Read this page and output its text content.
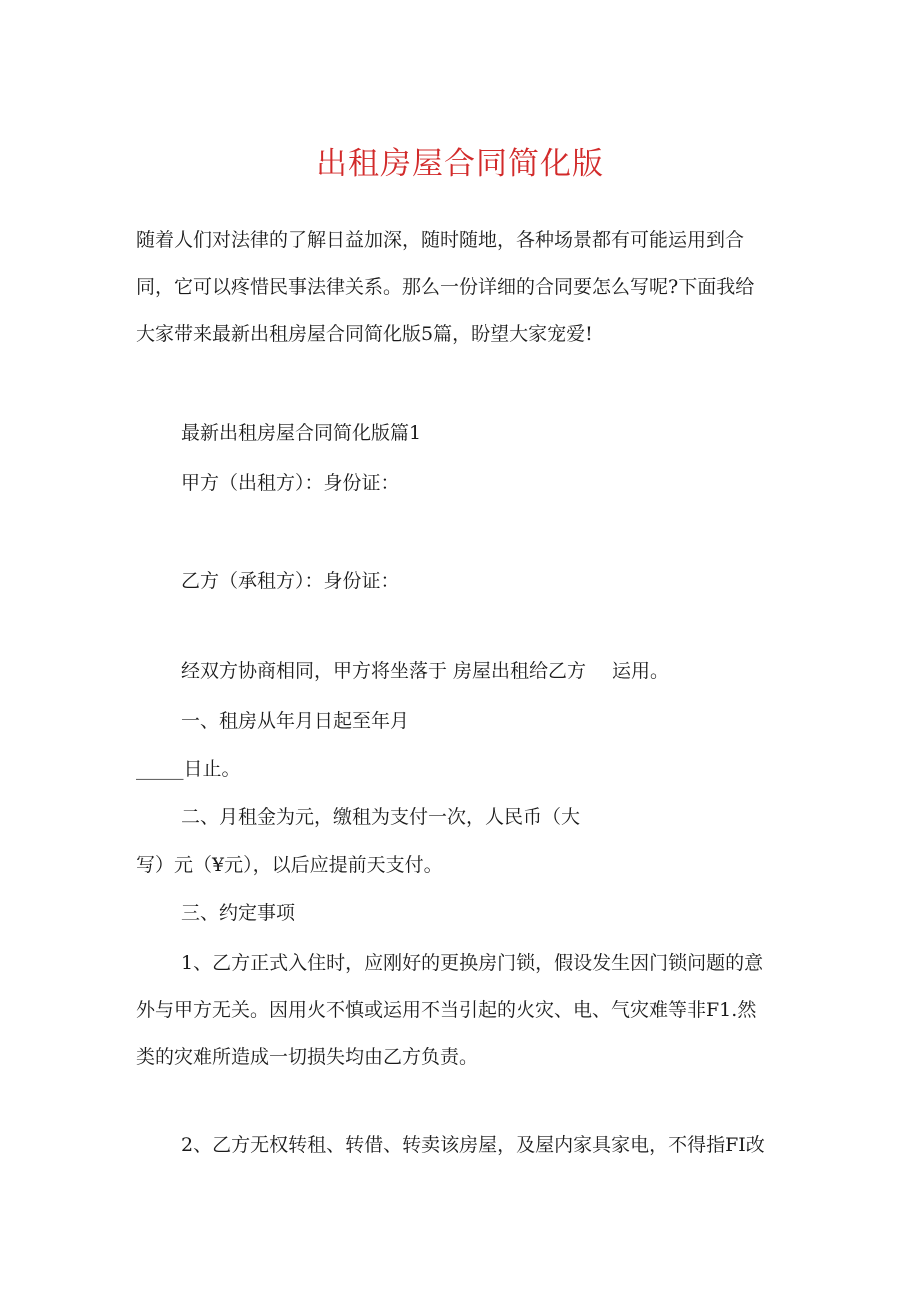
出租房屋合同简化版
随着人们对法律的了解日益加深，随时随地，各种场景都有可能运用到合
同，它可以疼惜民事法律关系。那么一份详细的合同要怎么写呢?下面我给
大家带来最新出租房屋合同简化版5篇，盼望大家宠爱!

最新出租房屋合同简化版篇1

甲方（出租方）：身份证：

乙方（承租方）：身份证：

经双方协商相同，甲方将坐落于 房屋出租给乙方 运用。

一、租房从年月日起至年月

_____日止。

二、月租金为元，缴租为支付一次，人民币（大

写）元（¥元），以后应提前天支付。

三、约定事项

1、乙方正式入住时，应刚好的更换房门锁，假设发生因门锁问题的意

外与甲方无关。因用火不慎或运用不当引起的火灾、电、气灾难等非F1.然

类的灾难所造成一切损失均由乙方负责。

2、乙方无权转租、转借、转卖该房屋，及屋内家具家电，不得指FI改
